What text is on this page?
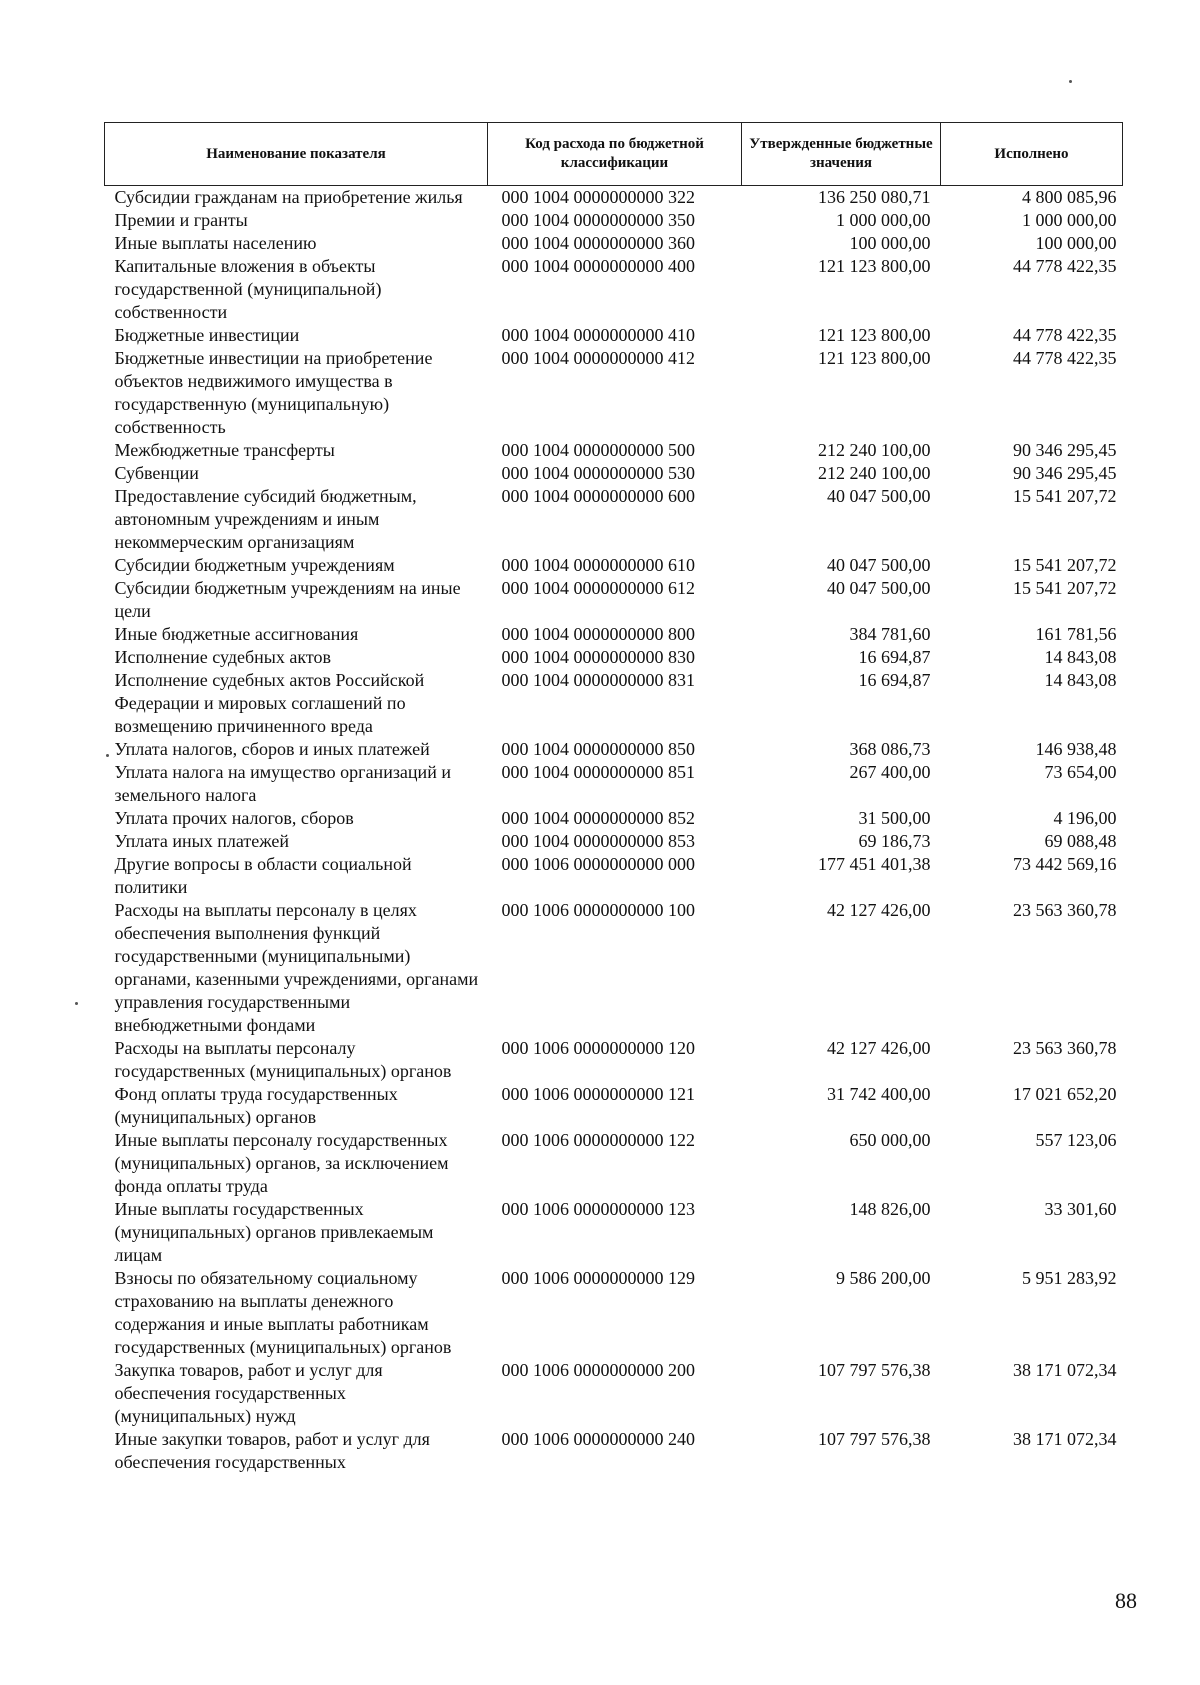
Наименование показателя	Код расхода по бюджетной классификации	Утвержденные бюджетные значения	Исполнено
Субсидии гражданам на приобретение жилья	000 1004 0000000000 322	136 250 080,71	4 800 085,96
Премии и гранты	000 1004 0000000000 350	1 000 000,00	1 000 000,00
Иные выплаты населению	000 1004 0000000000 360	100 000,00	100 000,00
Капитальные вложения в объекты государственной (муниципальной) собственности	000 1004 0000000000 400	121 123 800,00	44 778 422,35
Бюджетные инвестиции	000 1004 0000000000 410	121 123 800,00	44 778 422,35
Бюджетные инвестиции на приобретение объектов недвижимого имущества в государственную (муниципальную) собственность	000 1004 0000000000 412	121 123 800,00	44 778 422,35
Межбюджетные трансферты	000 1004 0000000000 500	212 240 100,00	90 346 295,45
Субвенции	000 1004 0000000000 530	212 240 100,00	90 346 295,45
Предоставление субсидий бюджетным, автономным учреждениям и иным некоммерческим организациям	000 1004 0000000000 600	40 047 500,00	15 541 207,72
Субсидии бюджетным учреждениям	000 1004 0000000000 610	40 047 500,00	15 541 207,72
Субсидии бюджетным учреждениям на иные цели	000 1004 0000000000 612	40 047 500,00	15 541 207,72
Иные бюджетные ассигнования	000 1004 0000000000 800	384 781,60	161 781,56
Исполнение судебных актов	000 1004 0000000000 830	16 694,87	14 843,08
Исполнение судебных актов Российской Федерации и мировых соглашений по возмещению причиненного вреда	000 1004 0000000000 831	16 694,87	14 843,08
Уплата налогов, сборов и иных платежей	000 1004 0000000000 850	368 086,73	146 938,48
Уплата налога на имущество организаций и земельного налога	000 1004 0000000000 851	267 400,00	73 654,00
Уплата прочих налогов, сборов	000 1004 0000000000 852	31 500,00	4 196,00
Уплата иных платежей	000 1004 0000000000 853	69 186,73	69 088,48
Другие вопросы в области социальной политики	000 1006 0000000000 000	177 451 401,38	73 442 569,16
Расходы на выплаты персоналу в целях обеспечения выполнения функций государственными (муниципальными) органами, казенными учреждениями, органами управления государственными внебюджетными фондами	000 1006 0000000000 100	42 127 426,00	23 563 360,78
Расходы на выплаты персоналу государственных (муниципальных) органов	000 1006 0000000000 120	42 127 426,00	23 563 360,78
Фонд оплаты труда государственных (муниципальных) органов	000 1006 0000000000 121	31 742 400,00	17 021 652,20
Иные выплаты персоналу государственных (муниципальных) органов, за исключением фонда оплаты труда	000 1006 0000000000 122	650 000,00	557 123,06
Иные выплаты государственных (муниципальных) органов привлекаемым лицам	000 1006 0000000000 123	148 826,00	33 301,60
Взносы по обязательному социальному страхованию на выплаты денежного содержания и иные выплаты работникам государственных (муниципальных) органов	000 1006 0000000000 129	9 586 200,00	5 951 283,92
Закупка товаров, работ и услуг для обеспечения государственных (муниципальных) нужд	000 1006 0000000000 200	107 797 576,38	38 171 072,34
Иные закупки товаров, работ и услуг для обеспечения государственных	000 1006 0000000000 240	107 797 576,38	38 171 072,34
88
